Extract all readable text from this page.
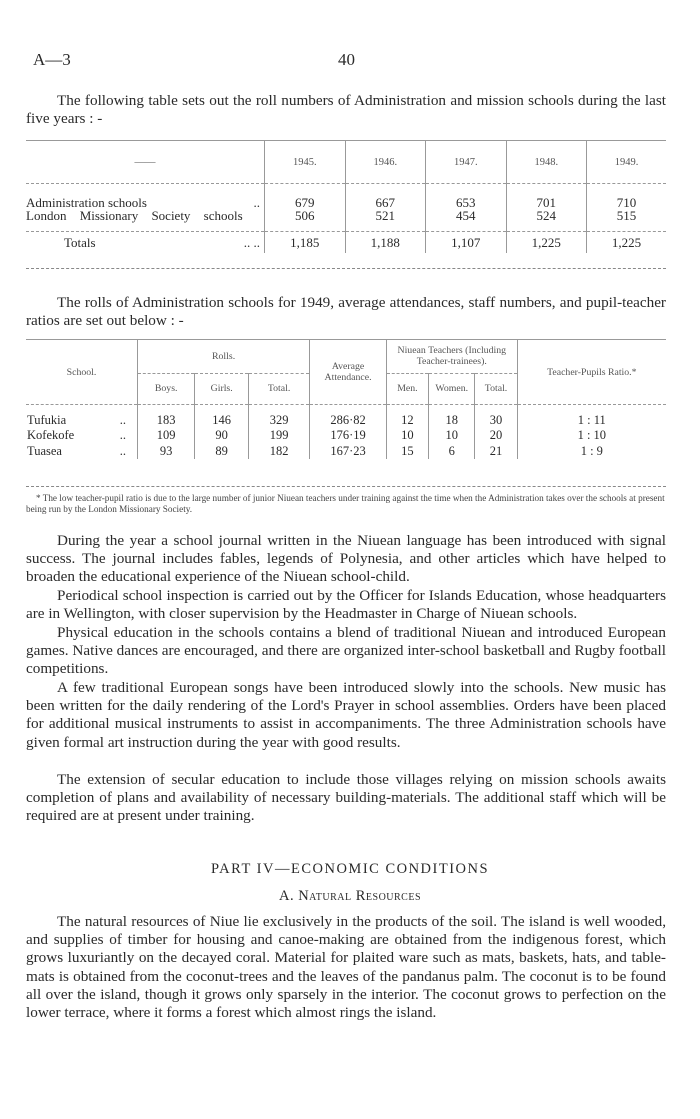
A—3	40

The following table sets out the roll numbers of Administration and mission schools during the last five years : -

——	1945.	1946.	1947.	1948.	1949.

Administration schools ..	679	667	653	701	710
London Missionary Society schools	506	521	454	524	515

Totals .. ..	1,185	1,188	1,107	1,225	1,225

The rolls of Administration schools for 1949, average attendances, staff numbers, and pupil-teacher ratios are set out below : -

School.	Rolls.			Average Attendance.	Niuean Teachers (Including Teacher-trainees).			Teacher-Pupils Ratio.*
	Boys.	Girls.	Total.		Men.	Women.	Total.	

Tufukia ..	183	146	329	286·82	12	18	30	1 : 11
Kofekofe ..	109	90	199	176·19	10	10	20	1 : 10
Tuasea ..	93	89	182	167·23	15	6	21	1 : 9

* The low teacher-pupil ratio is due to the large number of junior Niuean teachers under training against the time when the Administration takes over the schools at present being run by the London Missionary Society.

During the year a school journal written in the Niuean language has been introduced with signal success. The journal includes fables, legends of Polynesia, and other articles which have helped to broaden the educational experience of the Niuean school-child.

Periodical school inspection is carried out by the Officer for Islands Education, whose headquarters are in Wellington, with closer supervision by the Headmaster in Charge of Niuean schools.

Physical education in the schools contains a blend of traditional Niuean and introduced European games. Native dances are encouraged, and there are organized inter-school basketball and Rugby football competitions.

A few traditional European songs have been introduced slowly into the schools. New music has been written for the daily rendering of the Lord's Prayer in school assemblies. Orders have been placed for additional musical instruments to assist in accompaniments. The three Administration schools have given formal art instruction during the year with good results.

The extension of secular education to include those villages relying on mission schools awaits completion of plans and availability of necessary building-materials. The additional staff which will be required are at present under training.

PART IV—ECONOMIC CONDITIONS
A. Natural Resources

The natural resources of Niue lie exclusively in the products of the soil. The island is well wooded, and supplies of timber for housing and canoe-making are obtained from the indigenous forest, which grows luxuriantly on the decayed coral. Material for plaited ware such as mats, baskets, hats, and table-mats is obtained from the coconut-trees and the leaves of the pandanus palm. The coconut is to be found all over the island, though it grows only sparsely in the interior. The coconut grows to perfection on the lower terrace, where it forms a forest which almost rings the island.
